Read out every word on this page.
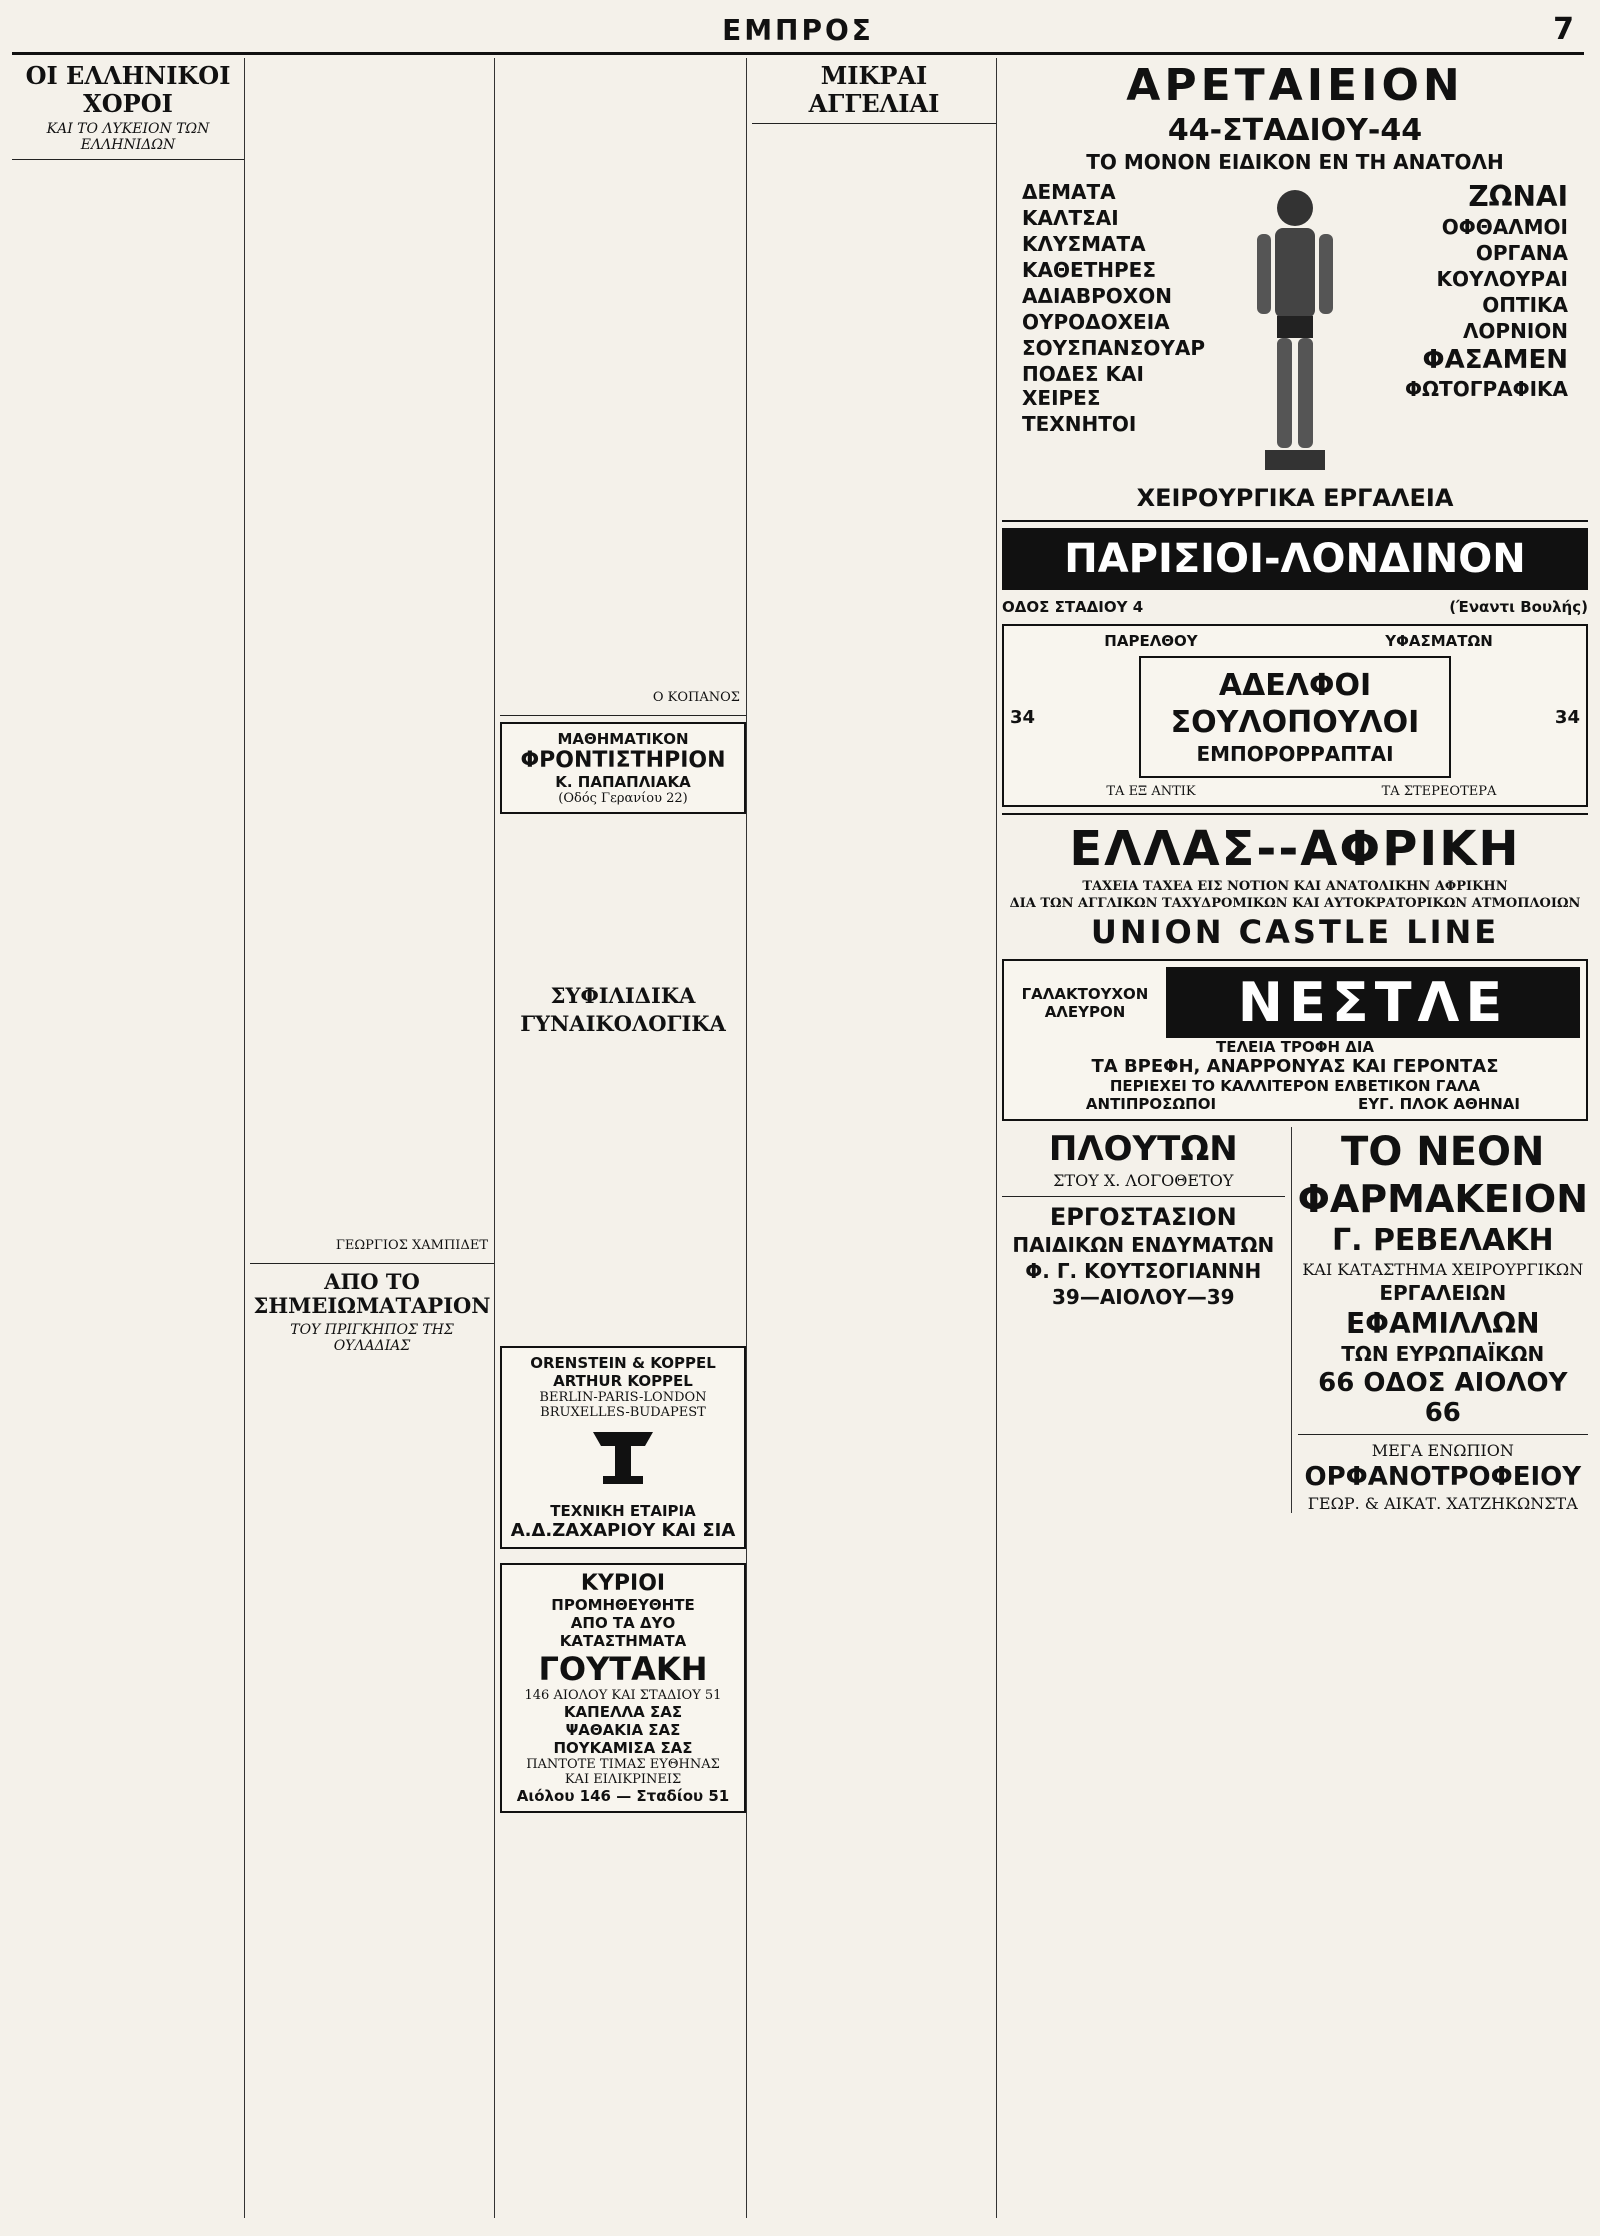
ΕΜΠΡΟΣ	7
ΟΙ ΕΛΛΗΝΙΚΟΙ ΧΟΡΟΙ
ΚΑΙ ΤΟ ΛΥΚΕΙΟΝ ΤΩΝ ΕΛΛΗΝΙΔΩΝ
ΓΕΩΡΓΙΟΣ ΧΑΜΠΙΔΕΤ
ΑΠΟ ΤΟ ΣΗΜΕΙΩΜΑΤΑΡΙΟΝ
ΤΟΥ ΠΡΙΓΚΗΠΟΣ ΤΗΣ ΟΥΛΑΔΙΑΣ
Ο ΚΟΠΑΝΟΣ
ΜΑΘΗΜΑΤΙΚΟΝ
ΦΡΟΝΤΙΣΤΗΡΙΟΝ
Κ. ΠΑΠΑΠΛΙΑΚΑ
(Οδός Γερανίου 22)
ΣΥΦΙΛΙΔΙΚΑ
ΓΥΝΑΙΚΟΛΟΓΙΚΑ
ORENSTEIN & KOPPEL
ARTHUR KOPPEL
BERLIN-PARIS-LONDON
BRUXELLES-BUDAPEST
ΤΕΧΝΙΚΗ ΕΤΑΙΡΙΑ
Α.Δ.ΖΑΧΑΡΙΟΥ ΚΑΙ ΣΙΑ
ΚΥΡΙΟΙ
ΠΡΟΜΗΘΕΥΘΗΤΕ
ΑΠΟ ΤΑ ΔΥΟ
ΚΑΤΑΣΤΗΜΑΤΑ
ΓΟΥΤΑΚΗ
146 ΑΙΟΛΟΥ ΚΑΙ ΣΤΑΔΙΟΥ 51
ΚΑΠΕΛΛΑ ΣΑΣ
ΨΑΘΑΚΙΑ ΣΑΣ
ΠΟΥΚΑΜΙΣΑ ΣΑΣ
ΠΑΝΤΟΤΕ ΤΙΜΑΣ ΕΥΘΗΝΑΣ
ΚΑΙ ΕΙΛΙΚΡΙΝΕΙΣ
Αιόλου 146 — Σταδίου 51
ΜΙΚΡΑΙ ΑΓΓΕΛΙΑΙ	ΑΡΕΤΑΙΕΙΟΝ
44-ΣΤΑΔΙΟΥ-44
ΤΟ ΜΟΝΟΝ ΕΙΔΙΚΟΝ ΕΝ ΤΗ ΑΝΑΤΟΛΗ
ΔΕΜΑΤΑ
ΚΑΛΤΣΑΙ
ΚΛΥΣΜΑΤΑ
ΚΑΘΕΤΗΡΕΣ
ΑΔΙΑΒΡΟΧΟΝ
ΟΥΡΟΔΟΧΕΙΑ
ΣΟΥΣΠΑΝΣΟΥΑΡ
ΠΟΔΕΣ ΚΑΙ ΧΕΙΡΕΣ
ΤΕΧΝΗΤΟΙ
ΖΩΝΑΙ
ΟΦΘΑΛΜΟΙ
ΟΡΓΑΝΑ
ΚΟΥΛΟΥΡΑΙ
ΟΠΤΙΚΑ
ΛΟΡΝΙΟΝ
ΦΑΣΑΜΕΝ
ΦΩΤΟΓΡΑΦΙΚΑ
ΧΕΙΡΟΥΡΓΙΚΑ ΕΡΓΑΛΕΙΑ
ΠΑΡΙΣΙΟΙ-ΛΟΝΔΙΝΟΝ
ΟΔΟΣ ΣΤΑΔΙΟΥ 4	(Έναντι Βουλής)
ΠΑΡΕΛΘΟΥ	ΥΦΑΣΜΑΤΩΝ
34
ΑΔΕΛΦΟΙ
ΣΟΥΛΟΠΟΥΛΟΙ
ΕΜΠΟΡΟΡΡΑΠΤΑΙ
34
ΤΑ ΕΞ ΑΝΤΙΚ	ΤΑ ΣΤΕΡΕΟΤΕΡΑ
ΕΛΛΑΣ--ΑΦΡΙΚΗ
ΤΑΧΕΙΑ ΤΑΧΕΑ ΕΙΣ ΝΟΤΙΟΝ ΚΑΙ ΑΝΑΤΟΛΙΚΗΝ ΑΦΡΙΚΗΝ
ΔΙΑ ΤΩΝ ΑΓΓΛΙΚΩΝ ΤΑΧΥΔΡΟΜΙΚΩΝ ΚΑΙ ΑΥΤΟΚΡΑΤΟΡΙΚΩΝ ΑΤΜΟΠΛΟΙΩΝ
UNION CASTLE LINE
ΓΑΛΑΚΤΟΥΧΟΝ ΑΛΕΥΡΟΝ	ΝΕΣΤΛΕ
ΤΕΛΕΙΑ ΤΡΟΦΗ ΔΙΑ
ΤΑ ΒΡΕΦΗ, ΑΝΑΡΡΟΝΥΑΣ ΚΑΙ ΓΕΡΟΝΤΑΣ
ΠΕΡΙΕΧΕΙ ΤΟ ΚΑΛΛΙΤΕΡΟΝ ΕΛΒΕΤΙΚΟΝ ΓΑΛΑ
ΑΝΤΙΠΡΟΣΩΠΟΙ	ΕΥΓ. ΠΛΟΚ ΑΘΗΝΑΙ
ΠΛΟΥΤΩΝ
ΣΤΟΥ Χ. ΛΟΓΟΘΕΤΟΥ
ΕΡΓΟΣΤΑΣΙΟΝ
ΠΑΙΔΙΚΩΝ ΕΝΔΥΜΑΤΩΝ
Φ. Γ. ΚΟΥΤΣΟΓΙΑΝΝΗ
39—ΑΙΟΛΟΥ—39
ΤΟ ΝΕΟΝ
ΦΑΡΜΑΚΕΙΟΝ
Γ. ΡΕΒΕΛΑΚΗ
ΚΑΙ ΚΑΤΑΣΤΗΜΑ ΧΕΙΡΟΥΡΓΙΚΩΝ
ΕΡΓΑΛΕΙΩΝ
ΕΦΑΜΙΛΛΩΝ
ΤΩΝ ΕΥΡΩΠΑΪΚΩΝ
66 ΟΔΟΣ ΑΙΟΛΟΥ 66
ΜΕΓΑ ΕΝΩΠΙΟΝ
ΟΡΦΑΝΟΤΡΟΦΕΙΟΥ
ΓΕΩΡ. & ΑΙΚΑΤ. ΧΑΤΖΗΚΩΝΣΤΑ
